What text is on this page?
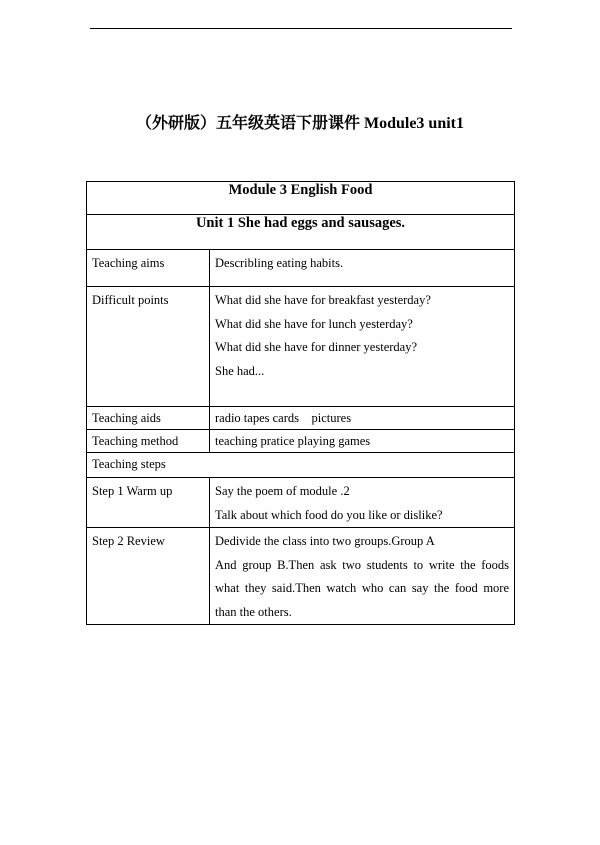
（外研版）五年级英语下册课件 Module3 unit1
Module 3 English Food	
Unit 1 She had eggs and sausages.	

Teaching aims	Describling eating habits.

Difficult points	What did she have for breakfast yesterday?
What did she have for lunch yesterday?
What did she have for dinner yesterday?
She had...

Teaching aids	radio tapes cards    pictures

Teaching method	teaching pratice playing games

Teaching steps	

Step 1 Warm up	Say the poem of module .2
Talk about which food do you like or dislike?

Step 2 Review	Dedivide the class into two groups.Group A
And group B.Then ask two students to write the foods what they said.Then watch who can say the food more than the others.
